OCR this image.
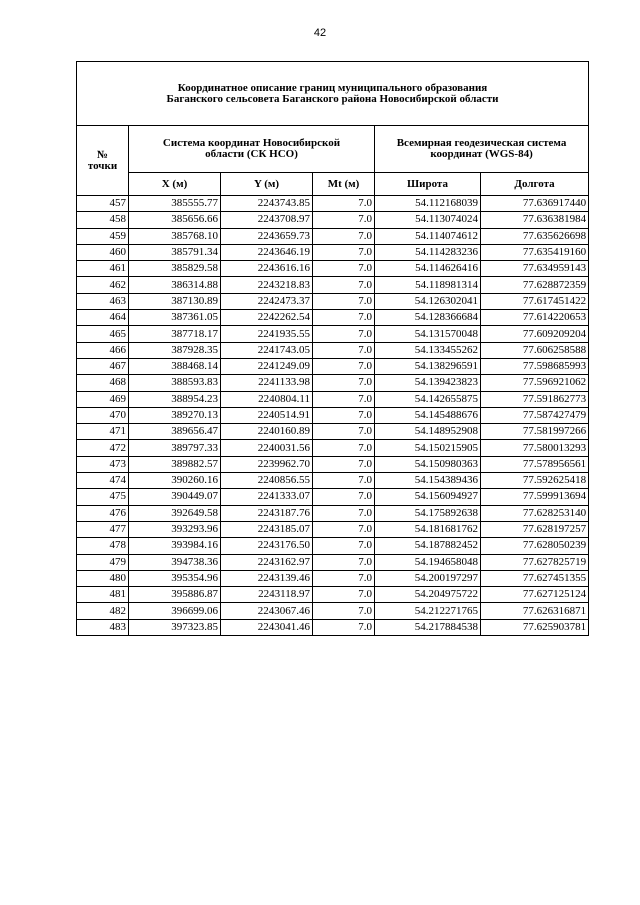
42
Координатное описание границ муниципального образования
Баганского сельсовета Баганского района Новосибирской области					

№
точки	Система координат Новосибирской
области (СК НСО)			Всемирная геодезическая система
координат (WGS-84)	

	X (м)	Y (м)	Mt (м)	Широта	Долгота
457	385555.77	2243743.85	7.0	54.112168039	77.636917440
458	385656.66	2243708.97	7.0	54.113074024	77.636381984
459	385768.10	2243659.73	7.0	54.114074612	77.635626698
460	385791.34	2243646.19	7.0	54.114283236	77.635419160
461	385829.58	2243616.16	7.0	54.114626416	77.634959143
462	386314.88	2243218.83	7.0	54.118981314	77.628872359
463	387130.89	2242473.37	7.0	54.126302041	77.617451422
464	387361.05	2242262.54	7.0	54.128366684	77.614220653
465	387718.17	2241935.55	7.0	54.131570048	77.609209204
466	387928.35	2241743.05	7.0	54.133455262	77.606258588
467	388468.14	2241249.09	7.0	54.138296591	77.598685993
468	388593.83	2241133.98	7.0	54.139423823	77.596921062
469	388954.23	2240804.11	7.0	54.142655875	77.591862773
470	389270.13	2240514.91	7.0	54.145488676	77.587427479
471	389656.47	2240160.89	7.0	54.148952908	77.581997266
472	389797.33	2240031.56	7.0	54.150215905	77.580013293
473	389882.57	2239962.70	7.0	54.150980363	77.578956561
474	390260.16	2240856.55	7.0	54.154389436	77.592625418
475	390449.07	2241333.07	7.0	54.156094927	77.599913694
476	392649.58	2243187.76	7.0	54.175892638	77.628253140
477	393293.96	2243185.07	7.0	54.181681762	77.628197257
478	393984.16	2243176.50	7.0	54.187882452	77.628050239
479	394738.36	2243162.97	7.0	54.194658048	77.627825719
480	395354.96	2243139.46	7.0	54.200197297	77.627451355
481	395886.87	2243118.97	7.0	54.204975722	77.627125124
482	396699.06	2243067.46	7.0	54.212271765	77.626316871
483	397323.85	2243041.46	7.0	54.217884538	77.625903781
